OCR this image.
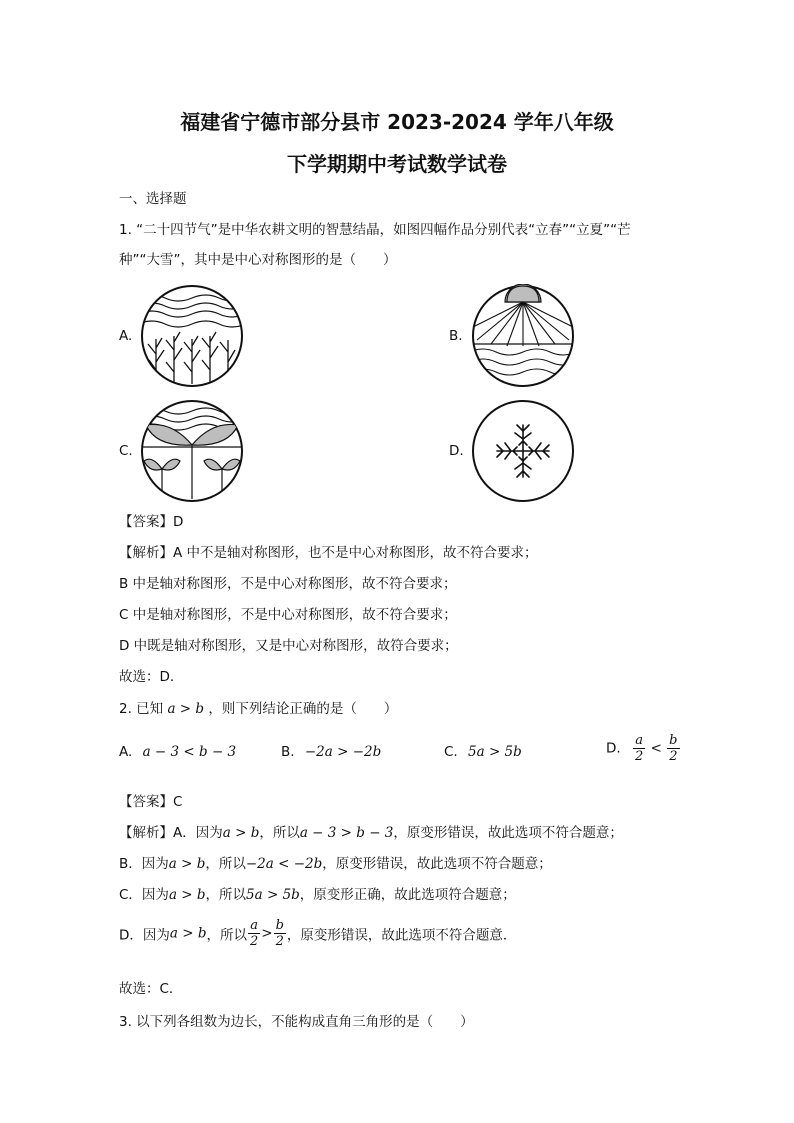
福建省宁德市部分县市 2023-2024 学年八年级
下学期期中考试数学试卷
一、选择题
1. “二十四节气”是中华农耕文明的智慧结晶，如图四幅作品分别代表“立春”“立夏”“芒
种”“大雪”，其中是中心对称图形的是（　　）
A.	B.
C.	D.
【答案】D
【解析】A 中不是轴对称图形，也不是中心对称图形，故不符合要求；
B 中是轴对称图形，不是中心对称图形，故不符合要求；
C 中是轴对称图形，不是中心对称图形，故不符合要求；
D 中既是轴对称图形，又是中心对称图形，故符合要求；
故选：D．
2. 已知 a > b ，则下列结论正确的是（　　）
A. a − 3 < b − 3	B. −2a > −2b	C. 5a > 5b	D. $\frac{a}{2} < \frac{b}{2}$
【答案】C
【解析】A．因为a > b，所以a − 3 > b − 3，原变形错误，故此选项不符合题意；
B．因为a > b，所以−2a < −2b，原变形错误，故此选项不符合题意；
C．因为a > b，所以5a > 5b，原变形正确，故此选项符合题意；
D．因为a > b，所以 $\frac{a}{2} > \frac{b}{2}$ ，原变形错误，故此选项不符合题意．
故选：C．
3. 以下列各组数为边长，不能构成直角三角形的是（　　）
